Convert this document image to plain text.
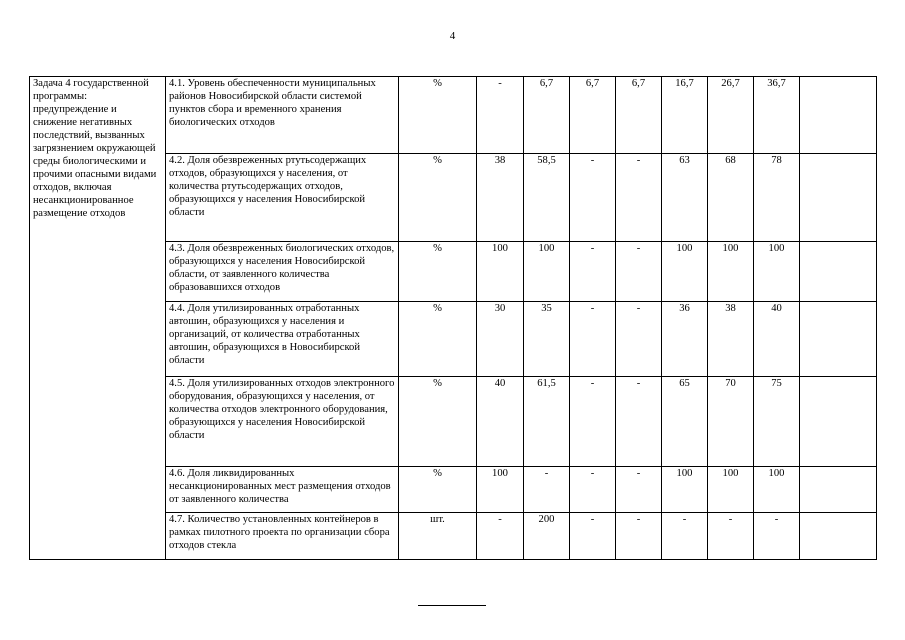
4
Задача 4 государственной программы: предупреждение и снижение негативных последствий, вызванных загрязнением окружающей среды биологическими и прочими опасными видами отходов, включая несанкционированное размещение отходов	4.1. Уровень обеспеченности муниципальных районов Новосибирской области системой пунктов сбора и временного хранения биологических отходов	%	-	6,7	6,7	6,7	16,7	26,7	36,7	
	4.2. Доля обезвреженных ртутьсодержащих отходов, образующихся у населения, от количества ртутьсодержащих отходов, образующихся у населения Новосибирской области	%	38	58,5	-	-	63	68	78	
	4.3. Доля обезвреженных биологических отходов, образующихся у населения Новосибирской области, от заявленного количества образовавшихся отходов	%	100	100	-	-	100	100	100	
	4.4. Доля утилизированных отработанных автошин, образующихся у населения и организаций, от количества отработанных автошин, образующихся в Новосибирской области	%	30	35	-	-	36	38	40	
	4.5. Доля утилизированных отходов электронного оборудования, образующихся у населения, от количества отходов электронного оборудования, образующихся у населения Новосибирской области	%	40	61,5	-	-	65	70	75	
	4.6. Доля ликвидированных несанкционированных мест размещения отходов от заявленного количества	%	100	-	-	-	100	100	100	
	4.7. Количество установленных контейнеров в рамках пилотного проекта по организации сбора отходов стекла	шт.	-	200	-	-	-	-	-	
